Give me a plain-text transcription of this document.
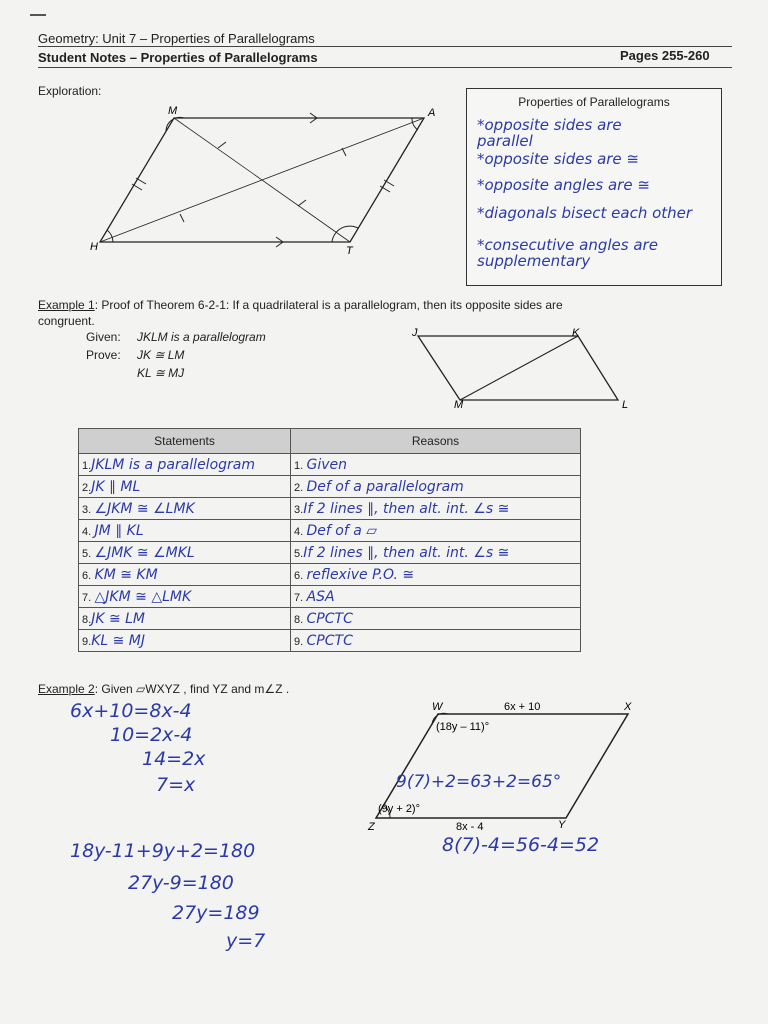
Geometry: Unit 7 – Properties of Parallelograms
Student Notes – Properties of Parallelograms	Pages 255-260
Exploration:
M	A
H	T
Properties of Parallelograms
*opposite sides are parallel
*opposite sides are ≅
*opposite angles are ≅
*diagonals bisect each other
*consecutive angles are supplementary
Example 1: Proof of Theorem 6-2-1: If a quadrilateral is a parallelogram, then its opposite sides are
congruent.
Given: JKLM is a parallelogram
Prove: JK ≅ LM
KL ≅ MJ
J	K
M	L
Statements	Reasons
1.JKLM is a parallelogram	1. Given
2.JK ∥ ML	2. Def of a parallelogram
3. ∠JKM ≅ ∠LMK	3.If 2 lines ∥, then alt. int. ∠s ≅
4. JM ∥ KL	4. Def of a ▱
5. ∠JMK ≅ ∠MKL	5.If 2 lines ∥, then alt. int. ∠s ≅
6. KM ≅ KM	6. reflexive P.O. ≅
7. △JKM ≅ △LMK	7. ASA
8.JK ≅ LM	8. CPCTC
9.KL ≅ MJ	9. CPCTC
Example 2: Given ▱WXYZ , find YZ and m∠Z .
6x+10=8x-4
10=2x-4
14=2x
7=x
W	X
Z	Y
6x + 10
8x - 4
(18y – 11)°
(9y + 2)°
9(7)+2=63+2=65°
8(7)-4=56-4=52
18y-11+9y+2=180
27y-9=180
27y=189
y=7
